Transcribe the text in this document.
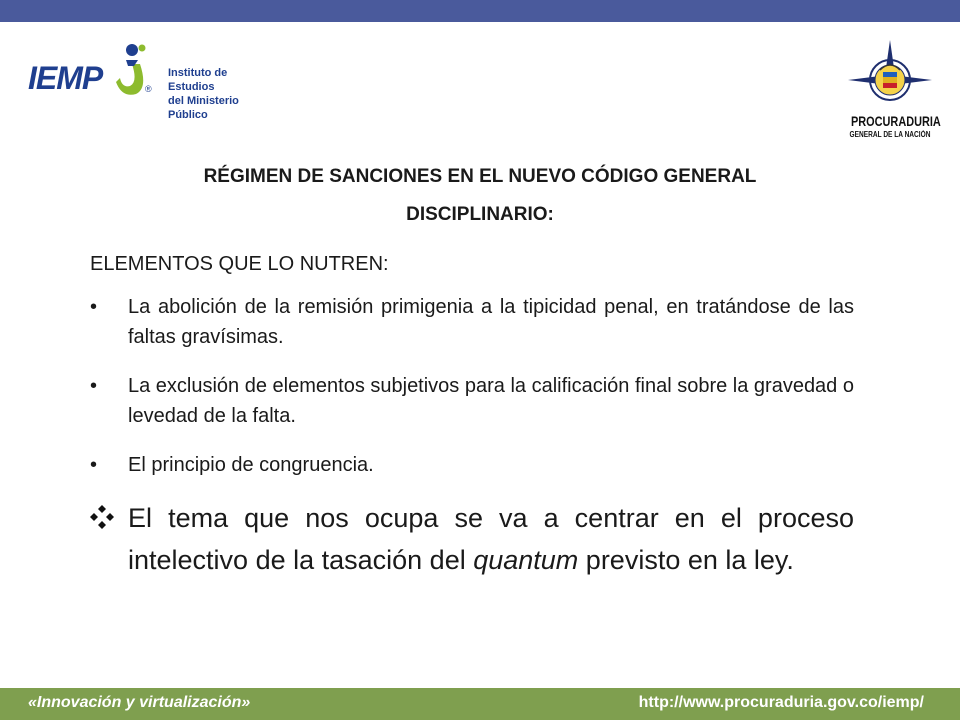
IEMP	®
Instituto de Estudios
del Ministerio Público	PROCURADURIA
GENERAL DE LA NACIÓN
RÉGIMEN DE SANCIONES EN EL NUEVO CÓDIGO GENERAL
DISCIPLINARIO:
ELEMENTOS QUE LO NUTREN:
• La abolición de la remisión primigenia a la tipicidad penal, en tratándose de las faltas gravísimas.
• La exclusión de elementos subjetivos para la calificación final sobre la gravedad o levedad de la falta.
• El principio de congruencia.
El tema que nos ocupa se va a centrar en el proceso intelectivo de la tasación del quantum previsto en la ley.
«Innovación y virtualización»	http://www.procuraduria.gov.co/iemp/
